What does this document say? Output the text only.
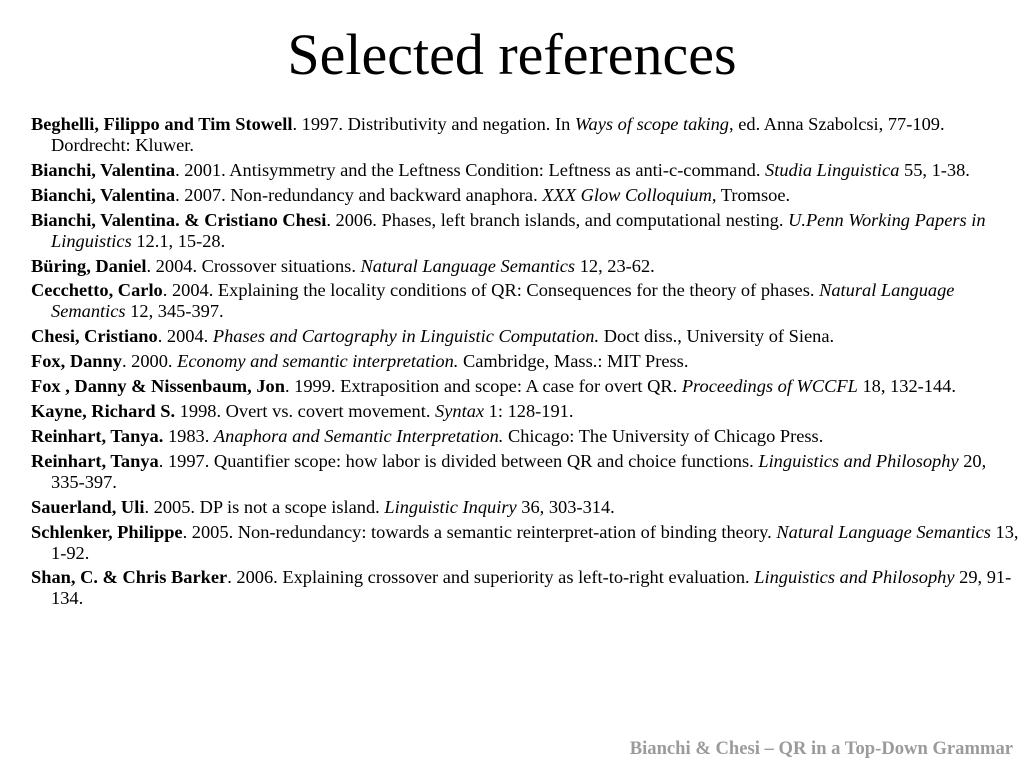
Selected references
Beghelli, Filippo and Tim Stowell. 1997. Distributivity and negation. In Ways of scope taking, ed. Anna Szabolcsi, 77-109. Dordrecht: Kluwer.
Bianchi, Valentina. 2001. Antisymmetry and the Leftness Condition: Leftness as anti-c-command. Studia Linguistica 55, 1-38.
Bianchi, Valentina. 2007. Non-redundancy and backward anaphora. XXX Glow Colloquium, Tromsoe.
Bianchi, Valentina. & Cristiano Chesi. 2006. Phases, left branch islands, and computational nesting. U.Penn Working Papers in Linguistics 12.1, 15-28.
Büring, Daniel. 2004. Crossover situations. Natural Language Semantics 12, 23-62.
Cecchetto, Carlo. 2004. Explaining the locality conditions of QR: Consequences for the theory of phases. Natural Language Semantics 12, 345-397.
Chesi, Cristiano. 2004. Phases and Cartography in Linguistic Computation. Doct diss., University of Siena.
Fox, Danny. 2000. Economy and semantic interpretation. Cambridge, Mass.: MIT Press.
Fox , Danny & Nissenbaum, Jon. 1999. Extraposition and scope: A case for overt QR. Proceedings of WCCFL 18, 132-144.
Kayne, Richard S. 1998. Overt vs. covert movement. Syntax 1: 128-191.
Reinhart, Tanya. 1983. Anaphora and Semantic Interpretation. Chicago: The University of Chicago Press.
Reinhart, Tanya. 1997. Quantifier scope: how labor is divided between QR and choice functions. Linguistics and Philosophy 20, 335-397.
Sauerland, Uli. 2005. DP is not a scope island. Linguistic Inquiry 36, 303-314.
Schlenker, Philippe. 2005. Non-redundancy: towards a semantic reinterpret-ation of binding theory. Natural Language Semantics 13, 1-92.
Shan, C. & Chris Barker. 2006. Explaining crossover and superiority as left-to-right evaluation. Linguistics and Philosophy 29, 91-134.
Bianchi & Chesi – QR in a Top-Down Grammar
